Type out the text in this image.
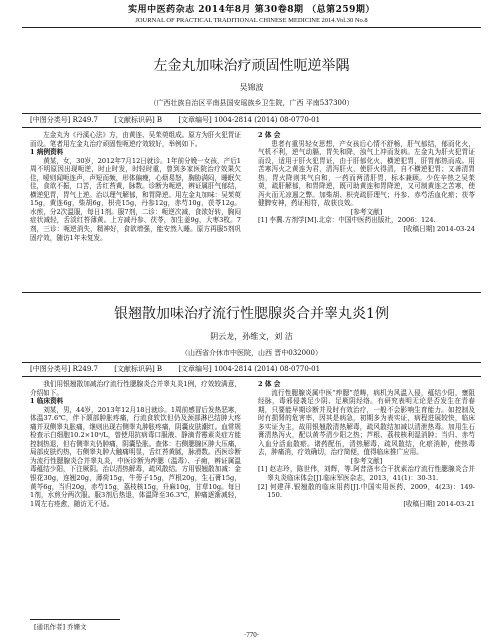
实用中医药杂志 2014年8月 第30卷8期 （总第259期）
JOURNAL OF PRACTICAL TRADITIONAL CHINESE MEDICINE 2014.Vol.30 No.8
左金丸加味治疗顽固性呃逆举隅
吴锦波
（广西壮族自治区平南县国安瑶族乡卫生院，广西 平南537300）
[中图分类号] R249.7 [文献标识码] B [文章编号] 1004-2814 (2014) 08-0770-01

左金丸为《丹溪心法》方，由黄连、吴茱萸组成。原方为肝火犯胃证而设。笔者用左金丸治疗顽固性呃逆疗效较好，举例如下。

1 病例资料

黄某，女，30岁，2012年7月12日就诊。1年前分娩一女孩，产后1周不明原因出现呃逆，时止时发，时轻时重，曾到多家医院治疗效果欠佳，嗳则闻呃连声，声短而频，形体偏瘦，心烦易怒，胸胁满闷，睡眠欠佳，食欲不振，口苦，舌红苔黄，脉数。诊断为呃逆，辨证属肝气郁结，横逆犯胃，胃气上逆。治以理气解郁，和胃降逆。用左金丸加味：吴茱萸15g，黄连6g，柴胡6g，枳壳15g，丹参12g，赤芍10g，茯苓12g。水煎，分2次温服，每日1剂。服7剂，二诊：呃逆次减，食欲好转，胸闷症状减轻，舌淡红苔薄黄。上方减丹参、茯苓，加生姜9g，大枣3枚。7剂，三诊：呃逆消失，精神好，食欲增强，能安然入睡。原方再服5剂巩固疗效，随访1年未复发。

2 体 会

患者有重男轻女思想，产女孩后心情不舒畅，肝气郁结，郁而化火，气机不利，逆气动膈，胃失和降，浊气上冲而发病。左金丸为肝火犯胃证而设，适用于肝火犯胃证，由于肝郁化火，横逆犯胃，肝胃郁热而成。用苦寒泻火之黄连为君，清泻肝火，使肝火得清，自不横逆犯胃；又善清胃热，胃火降则其气自和，一药而两清肝胃，标本兼顾。少佐辛热之吴茱萸，疏肝解郁，和胃降逆，既可助黄连和胃降逆，又可制黄连之苦寒，使泻火而无凉遏之弊。加柴胡、枳壳疏肝理气；丹参、赤芍活血化瘀；茯苓健脾安神，药证相符，故获良效。

[参考文献]

[1] 李冀.方剂学[M].北京：中国中医药出版社，2006：124.

[收稿日期] 2014-03-24

银翘散加味治疗流行性腮腺炎合并睾丸炎1例
阴云龙，孙维文，刘 洁
（山西省介休市中医院，山西 晋中032000）
[中图分类号] R249.7 [文献标识码] B [文章编号] 1004-2814 (2014) 08-0770-01

我们用银翘散加减治疗流行性腮腺炎合并睾丸炎1例，疗效较满意，介绍如下。

1 临床资料

刘某，男，44岁，2013年12月18日就诊。1周前感冒后发热恶寒，体温37.6℃，伴下颌部肿胀疼痛，行流食软饮但仍及颈部淋巴结肿大疼痛并双侧睾丸胀痛，继则出现右侧睾丸肿胀疼痛，阴囊皮肤潮红。血常规检查示白细胞10.2×10⁹/L，曾使用抗病毒口服液、静滴青霉素炎症方能控制热退，但右侧睾丸仍肿痛，阴囊坠胀。查体：右侧腮腺区肿大压痛，局部皮肤灼热，右侧睾丸肿大触痛明显，舌红苔黄腻，脉滑数。西医诊断为流行性腮腺炎合并睾丸炎，中医诊断为痄腮（温毒）、子痈，辨证属温毒蕴结少阳，下注厥阴。治以清热解毒，疏风散结。方用银翘散加减：金银花30g，连翘20g，薄荷15g，牛蒡子15g，芦根20g，生石膏15g，黄芩6g，当归20g，赤芍15g，荔枝核15g，升麻10g，甘草10g。每日1剂，水煎分两次服。服3剂后热退，体温降至36.3℃，肿痛逐渐减轻，1周左右痊愈，随访无不适。

2 体 会

流行性腮腺炎属中医“痄腮”范畴，病机为风温入侵，蕴结少阳，壅阻经脉，毒邪侵袭足少阴、足厥阴经络。有研究表明无论是否发生在青春期，只要能早期诊断并及时有效治疗，一般不会影响生育能力。如控制及时有损肾的危害率，因其是病急，初期多为表实证，病程进展较快，临床多实证为主，故用银翘散清热解毒，疏风散结加减以清泄热毒。加用生石膏清热泻火，配以黄芩清少阳之热；芦根、荔枝核利湿消肿；当归、赤芍入血分活血散瘀。诸药配伍，清热解毒，疏风散结，化瘀消肿，使热毒去，肿痛消，疗效确切，治疗简便，值得临床推广应用。

[参考文献]

[1] 赵志玲，陈世伟，刘辉，等.阿昔洛韦合干扰素治疗流行性腮腺炎合并睾丸炎临床体会[J].临床军医杂志，2013，41(1)：30-31.

[2] 何建萍.银翘散的临床用药[J].中国实用医药，2009，4(23)：149-150.

[收稿日期] 2014-03-21

[通讯作者] 乔姗文
·770·
